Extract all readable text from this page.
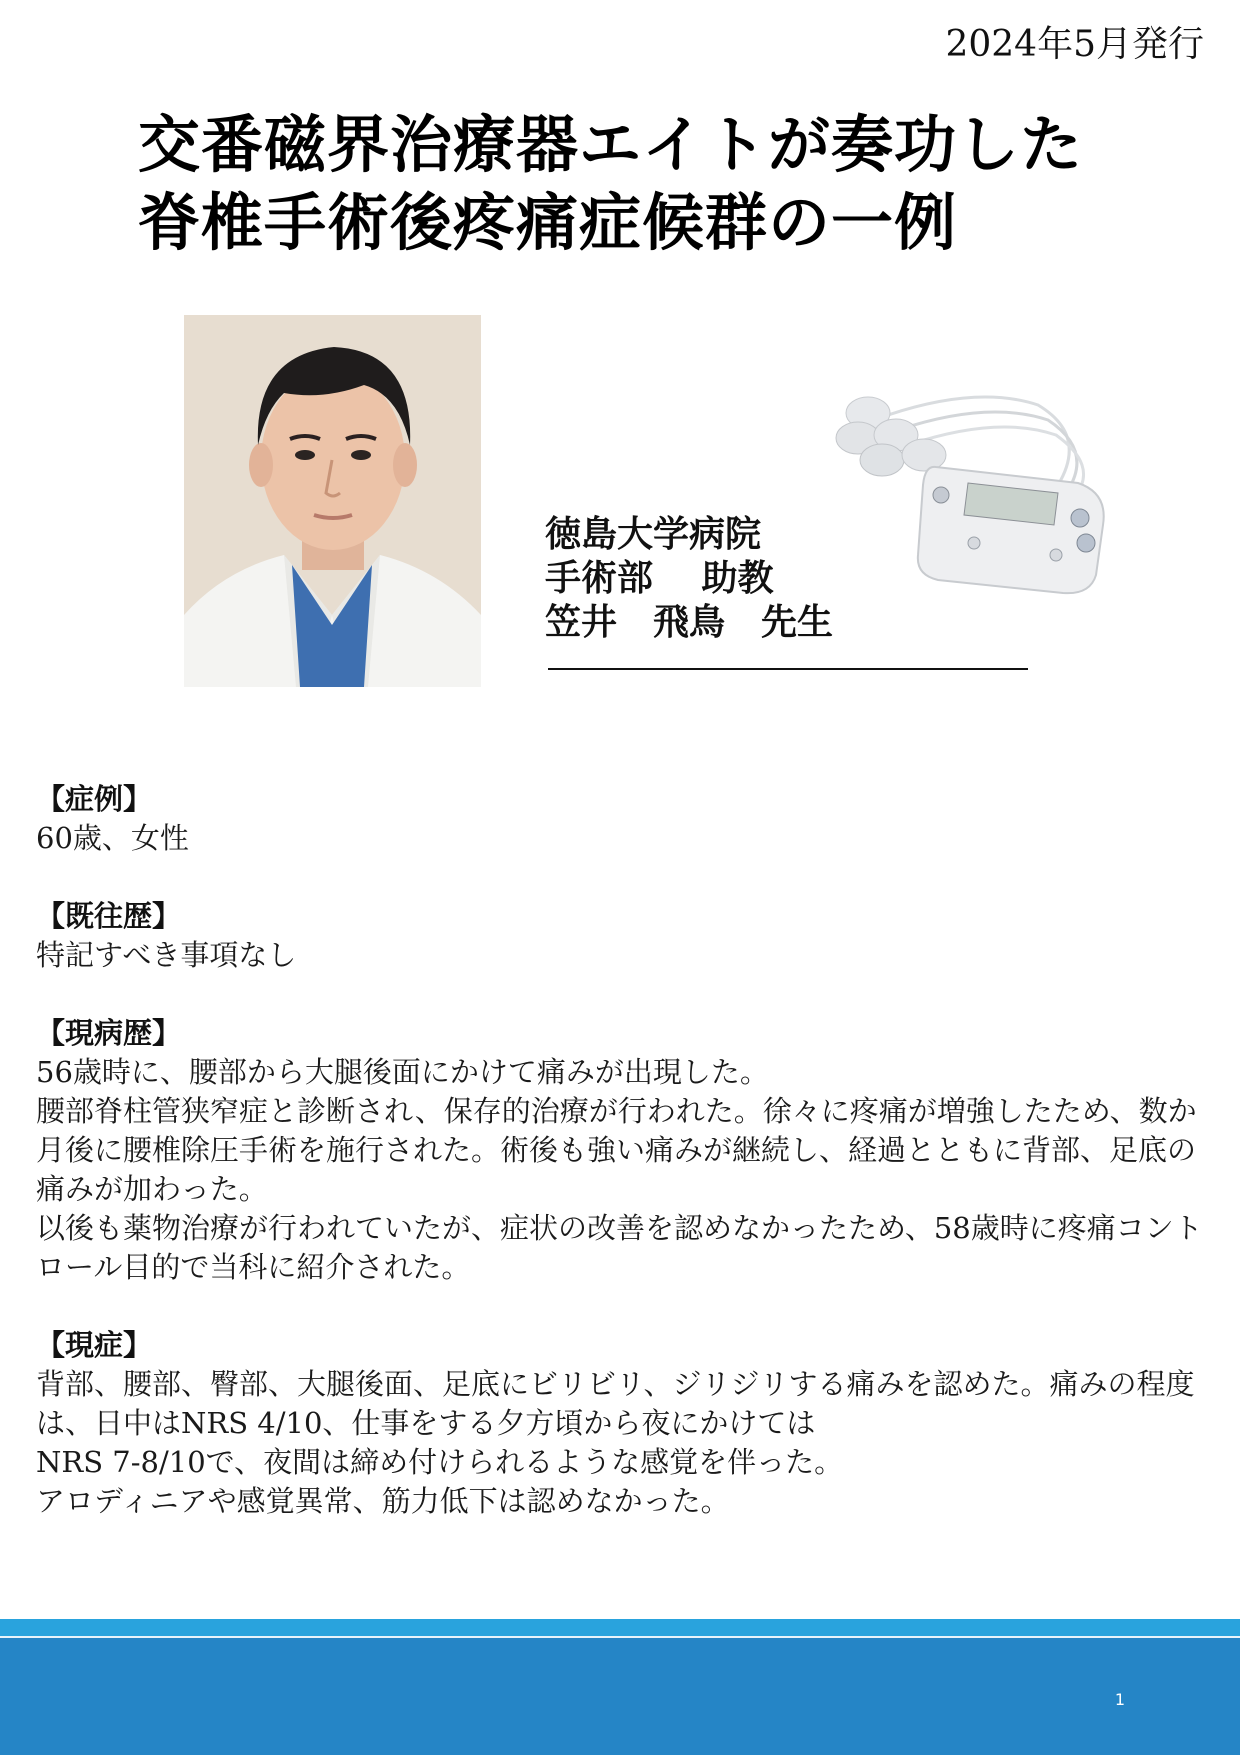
2024年5月発行
交番磁界治療器エイトが奏功した
脊椎手術後疼痛症候群の一例
徳島大学病院
手術部　 助教
笠井　飛鳥　先生
【症例】

60歳、女性

【既往歴】

特記すべき事項なし

【現病歴】

56歳時に、腰部から大腿後面にかけて痛みが出現した。

腰部脊柱管狭窄症と診断され、保存的治療が行われた。徐々に疼痛が増強したため、数か月後に腰椎除圧手術を施行された。術後も強い痛みが継続し、経過とともに背部、足底の痛みが加わった。

以後も薬物治療が行われていたが、症状の改善を認めなかったため、58歳時に疼痛コントロール目的で当科に紹介された。

【現症】

背部、腰部、臀部、大腿後面、足底にビリビリ、ジリジリする痛みを認めた。痛みの程度は、日中はNRS 4/10、仕事をする夕方頃から夜にかけては

NRS 7-8/10で、夜間は締め付けられるような感覚を伴った。

アロディニアや感覚異常、筋力低下は認めなかった。

1
